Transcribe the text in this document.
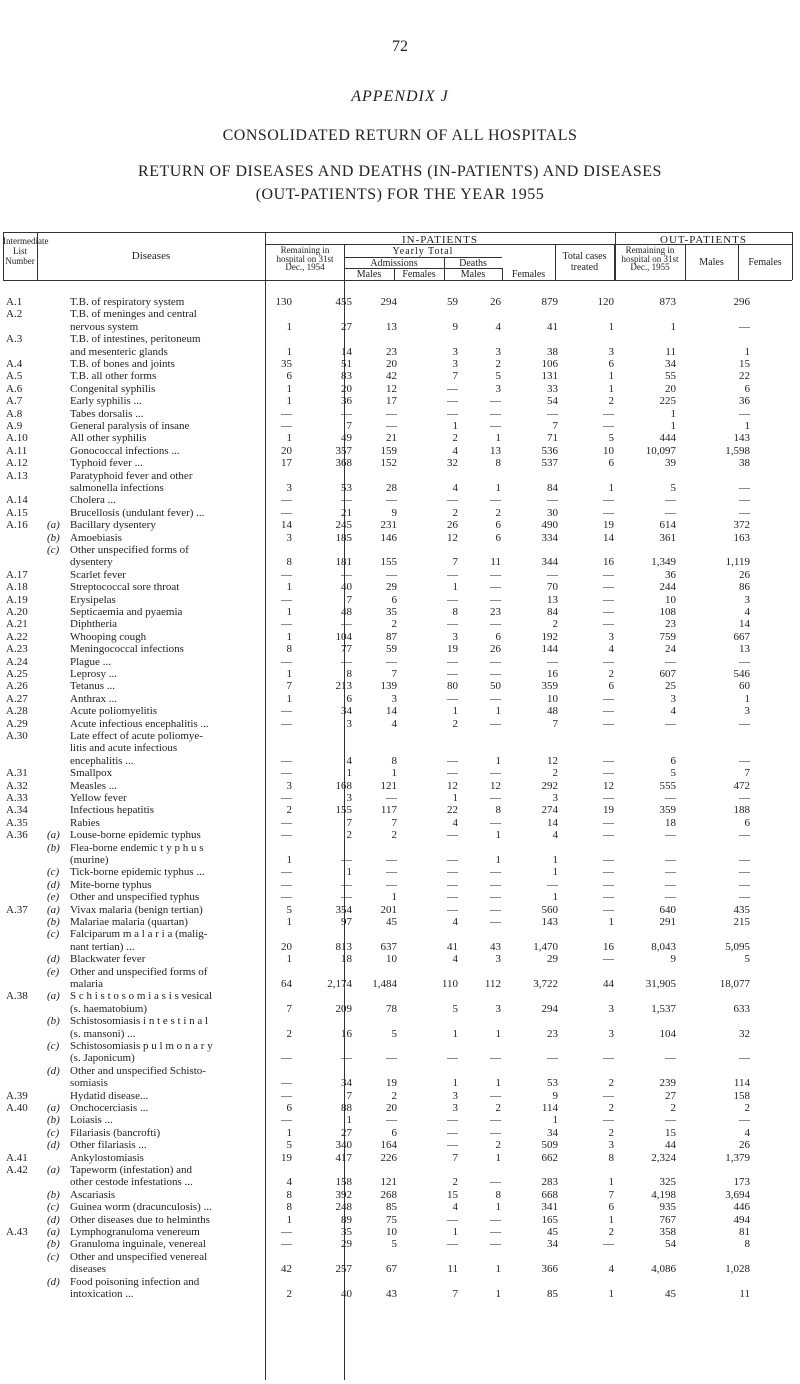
72
APPENDIX J
CONSOLIDATED RETURN OF ALL HOSPITALS
RETURN OF DISEASES AND DEATHS (IN-PATIENTS) AND DISEASES
(OUT-PATIENTS) FOR THE YEAR 1955
IN-PATIENTS	OUT-PATIENTS
Intermediate List Number	Diseases	Remaining in hospital on 31st Dec., 1954
Yearly Total
Admissions	Deaths
Males	Females	Males	Females
Total cases treated
Remaining in hospital on 31st Dec., 1955	Males	Females
A.1	T.B. of respiratory system	130	455	294	59	26	879	120	873	296
A.2	T.B. of meninges and central
nervous system	1	27	13	9	4	41	1	1	—
A.3	T.B. of intestines, peritoneum
and mesenteric glands	1	14	23	3	3	38	3	11	1
A.4	T.B. of bones and joints	35	51	20	3	2	106	6	34	15
A.5	T.B. all other forms	6	83	42	7	5	131	1	55	22
A.6	Congenital syphilis	1	20	12	—	3	33	1	20	6
A.7	Early syphilis ...	1	36	17	—	—	54	2	225	36
A.8	Tabes dorsalis ...	—	—	—	—	—	—	—	1	—
A.9	General paralysis of insane	—	7	—	1	—	7	—	1	1
A.10	All other syphilis	1	49	21	2	1	71	5	444	143
A.11	Gonococcal infections ...	20	357	159	4	13	536	10	10,097	1,598
A.12	Typhoid fever ...	17	368	152	32	8	537	6	39	38
A.13	Paratyphoid fever and other
salmonella infections	3	53	28	4	1	84	1	5	—
A.14	Cholera ...	—	—	—	—	—	—	—	—	—
A.15	Brucellosis (undulant fever) ...	—	21	9	2	2	30	—	—	—
A.16 (a) Bacillary dysentery	14	245	231	26	6	490	19	614	372
(b) Amoebiasis	3	185	146	12	6	334	14	361	163
(c) Other unspecified forms of
dysentery	8	181	155	7	11	344	16	1,349	1,119
A.17	Scarlet fever	—	—	—	—	—	—	—	36	26
A.18	Streptococcal sore throat	1	40	29	1	—	70	—	244	86
A.19	Erysipelas	—	7	6	—	—	13	—	10	3
A.20	Septicaemia and pyaemia	1	48	35	8	23	84	—	108	4
A.21	Diphtheria	—	—	2	—	—	2	—	23	14
A.22	Whooping cough	1	104	87	3	6	192	3	759	667
A.23	Meningococcal infections	8	77	59	19	26	144	4	24	13
A.24	Plague ...	—	—	—	—	—	—	—	—	—
A.25	Leprosy ...	1	8	7	—	—	16	2	607	546
A.26	Tetanus ...	7	213	139	80	50	359	6	25	60
A.27	Anthrax ...	1	6	3	—	—	10	—	3	1
A.28	Acute poliomyelitis	—	34	14	1	1	48	—	4	3
A.29	Acute infectious encephalitis ...	—	3	4	2	—	7	—	—	—
A.30	Late effect of acute poliomye-
litis and acute infectious
encephalitis ...	—	4	8	—	1	12	—	6	—
A.31	Smallpox	—	1	1	—	—	2	—	5	7
A.32	Measles ...	3	168	121	12	12	292	12	555	472
A.33	Yellow fever	—	3	—	1	—	3	—	—	—
A.34	Infectious hepatitis	2	155	117	22	8	274	19	359	188
A.35	Rabies	—	7	7	4	—	14	—	18	6
A.36 (a) Louse-borne epidemic typhus	—	2	2	—	1	4	—	—	—
(b) Flea-borne endemic t y p h u s
(murine)	1	—	—	—	1	1	—	—	—
(c) Tick-borne epidemic typhus ...	—	1	—	—	—	1	—	—	—
(d) Mite-borne typhus	—	—	—	—	—	—	—	—	—
(e) Other and unspecified typhus	—	—	1	—	—	1	—	—	—
A.37 (a) Vivax malaria (benign tertian)	5	354	201	—	—	560	—	640	435
(b) Malariae malaria (quartan)	1	97	45	4	—	143	1	291	215
(c) Falciparum m a l a r i a (malig-
nant tertian) ...	20	813	637	41	43	1,470	16	8,043	5,095
(d) Blackwater fever	1	18	10	4	3	29	—	9	5
(e) Other and unspecified forms of
malaria	64	2,174	1,484	110	112	3,722	44	31,905	18,077
A.38 (a) S c h i s t o s o m i a s i s vesical
(s. haematobium)	7	209	78	5	3	294	3	1,537	633
(b) Schistosomiasis i n t e s t i n a l
(s. mansoni) ...	2	16	5	1	1	23	3	104	32
(c) Schistosomiasis p u l m o n a r y
(s. Japonicum)	—	—	—	—	—	—	—	—	—
(d) Other and unspecified Schisto-
somiasis	—	34	19	1	1	53	2	239	114
A.39	Hydatid disease...	—	7	2	3	—	9	—	27	158
A.40 (a) Onchocerciasis ...	6	88	20	3	2	114	2	2	2
(b) Loiasis ...	—	1	—	—	—	1	—	—	—
(c) Filariasis (bancrofti)	1	27	6	—	—	34	2	15	4
(d) Other filariasis ...	5	340	164	—	2	509	3	44	26
A.41	Ankylostomiasis	19	417	226	7	1	662	8	2,324	1,379
A.42 (a) Tapeworm (infestation) and
other cestode infestations ...	4	158	121	2	—	283	1	325	173
(b) Ascariasis	8	392	268	15	8	668	7	4,198	3,694
(c) Guinea worm (dracunculosis) ...	8	248	85	4	1	341	6	935	446
(d) Other diseases due to helminths	1	89	75	—	—	165	1	767	494
A.43 (a) Lymphogranuloma venereum	—	35	10	1	—	45	2	358	81
(b) Granuloma inguinale, venereal	—	29	5	—	—	34	—	54	8
(c) Other and unspecified venereal
diseases	42	257	67	11	1	366	4	4,086	1,028
(d) Food poisoning infection and
intoxication ...	2	40	43	7	1	85	1	45	11
